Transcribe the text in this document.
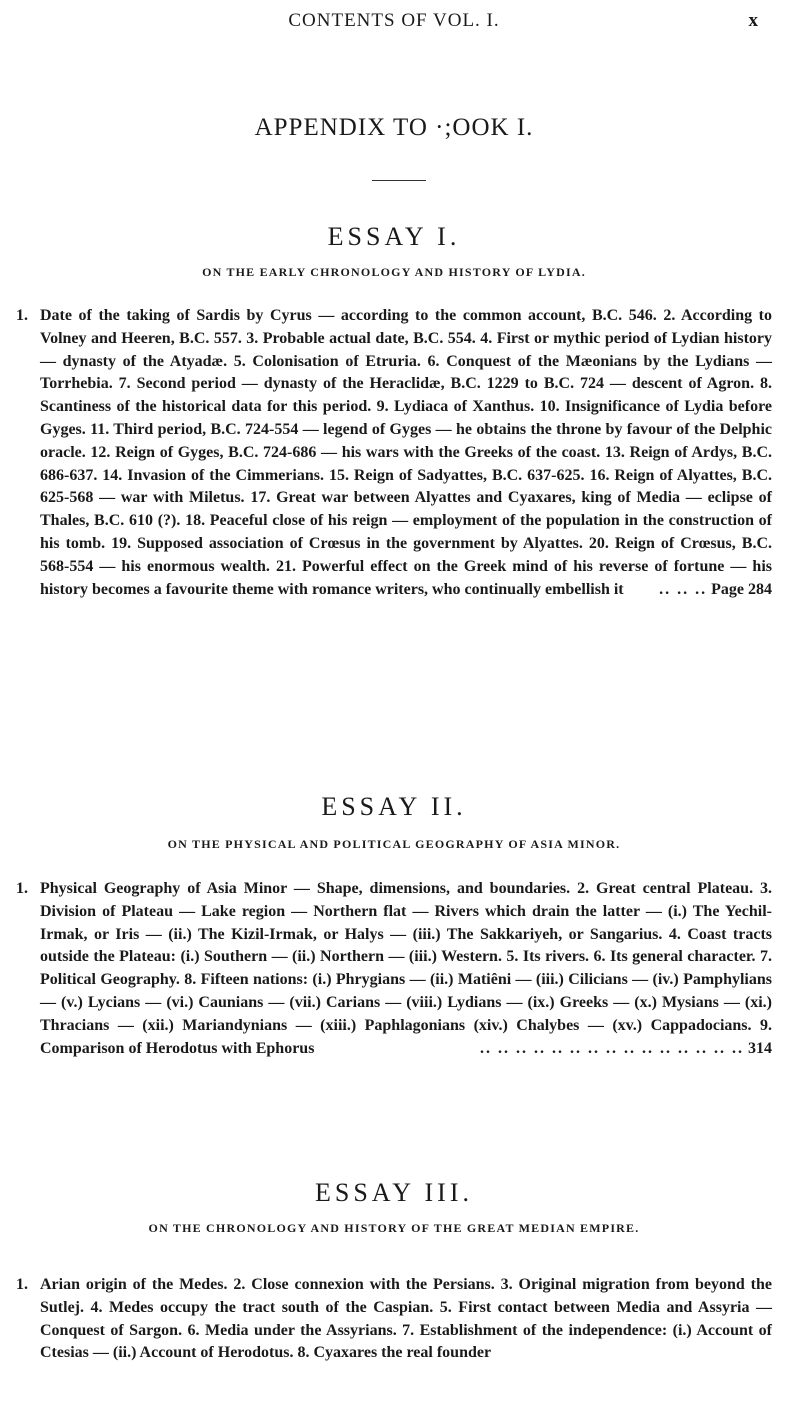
CONTENTS OF VOL. I.	x
APPENDIX TO ·;OOK I.
ESSAY I.
ON THE EARLY CHRONOLOGY AND HISTORY OF LYDIA.
1. Date of the taking of Sardis by Cyrus — according to the common account, B.C. 546. 2. According to Volney and Heeren, B.C. 557. 3. Probable actual date, B.C. 554. 4. First or mythic period of Lydian history — dynasty of the Atyadæ. 5. Colonisation of Etruria. 6. Conquest of the Mæonians by the Lydians — Torrhebia. 7. Second period — dynasty of the Heraclidæ, B.C. 1229 to B.C. 724 — descent of Agron. 8. Scantiness of the historical data for this period. 9. Lydiaca of Xanthus. 10. Insignificance of Lydia before Gyges. 11. Third period, B.C. 724-554 — legend of Gyges — he obtains the throne by favour of the Delphic oracle. 12. Reign of Gyges, B.C. 724-686 — his wars with the Greeks of the coast. 13. Reign of Ardys, B.C. 686-637. 14. Invasion of the Cimmerians. 15. Reign of Sadyattes, B.C. 637-625. 16. Reign of Alyattes, B.C. 625-568 — war with Miletus. 17. Great war between Alyattes and Cyaxares, king of Media — eclipse of Thales, B.C. 610 (?). 18. Peaceful close of his reign — employment of the population in the construction of his tomb. 19. Supposed association of Crœsus in the government by Alyattes. 20. Reign of Crœsus, B.C. 568-554 — his enormous wealth. 21. Powerful effect on the Greek mind of his reverse of fortune — his history becomes a favourite theme with romance writers, who continually embellish it .. .. .. Page 284
ESSAY II.
ON THE PHYSICAL AND POLITICAL GEOGRAPHY OF ASIA MINOR.
1. Physical Geography of Asia Minor — Shape, dimensions, and boundaries. 2. Great central Plateau. 3. Division of Plateau — Lake region — Northern flat — Rivers which drain the latter — (i.) The Yechil-Irmak, or Iris — (ii.) The Kizil-Irmak, or Halys — (iii.) The Sakkariyeh, or Sangarius. 4. Coast tracts outside the Plateau: (i.) Southern — (ii.) Northern — (iii.) Western. 5. Its rivers. 6. Its general character. 7. Political Geography. 8. Fifteen nations: (i.) Phrygians — (ii.) Matiêni — (iii.) Cilicians — (iv.) Pamphylians — (v.) Lycians — (vi.) Caunians — (vii.) Carians — (viii.) Lydians — (ix.) Greeks — (x.) Mysians — (xi.) Thracians — (xii.) Mariandynians — (xiii.) Paphlagonians (xiv.) Chalybes — (xv.) Cappadocians. 9. Comparison of Herodotus with Ephorus	.. .. .. .. .. .. .. .. .. .. .. .. .. .. .. 314
ESSAY III.
ON THE CHRONOLOGY AND HISTORY OF THE GREAT MEDIAN EMPIRE.
1. Arian origin of the Medes. 2. Close connexion with the Persians. 3. Original migration from beyond the Sutlej. 4. Medes occupy the tract south of the Caspian. 5. First contact between Media and Assyria — Conquest of Sargon. 6. Media under the Assyrians. 7. Establishment of the independence: (i.) Account of Ctesias — (ii.) Account of Herodotus. 8. Cyaxares the real founder
